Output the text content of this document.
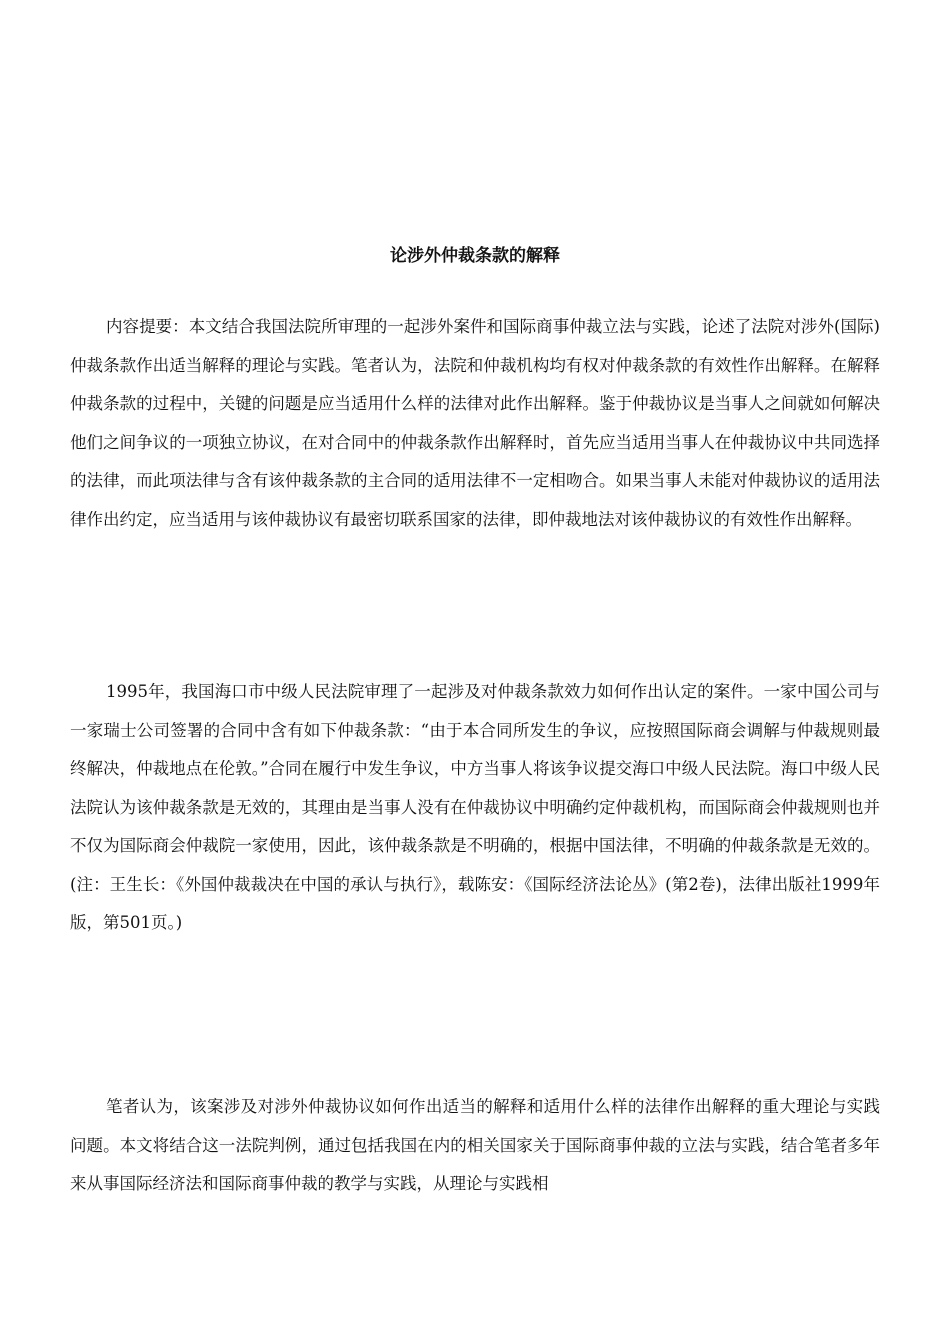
论涉外仲裁条款的解释

内容提要：本文结合我国法院所审理的一起涉外案件和国际商事仲裁立法与实践，论述了法院对涉外(国际)仲裁条款作出适当解释的理论与实践。笔者认为，法院和仲裁机构均有权对仲裁条款的有效性作出解释。在解释仲裁条款的过程中，关键的问题是应当适用什么样的法律对此作出解释。鉴于仲裁协议是当事人之间就如何解决他们之间争议的一项独立协议，在对合同中的仲裁条款作出解释时，首先应当适用当事人在仲裁协议中共同选择的法律，而此项法律与含有该仲裁条款的主合同的适用法律不一定相吻合。如果当事人未能对仲裁协议的适用法律作出约定，应当适用与该仲裁协议有最密切联系国家的法律，即仲裁地法对该仲裁协议的有效性作出解释。

1995年，我国海口市中级人民法院审理了一起涉及对仲裁条款效力如何作出认定的案件。一家中国公司与一家瑞士公司签署的合同中含有如下仲裁条款：“由于本合同所发生的争议，应按照国际商会调解与仲裁规则最终解决，仲裁地点在伦敦。”合同在履行中发生争议，中方当事人将该争议提交海口中级人民法院。海口中级人民法院认为该仲裁条款是无效的，其理由是当事人没有在仲裁协议中明确约定仲裁机构，而国际商会仲裁规则也并不仅为国际商会仲裁院一家使用，因此，该仲裁条款是不明确的，根据中国法律，不明确的仲裁条款是无效的。(注：王生长：《外国仲裁裁决在中国的承认与执行》，载陈安：《国际经济法论丛》(第2卷)，法律出版社1999年版，第501页。)

笔者认为，该案涉及对涉外仲裁协议如何作出适当的解释和适用什么样的法律作出解释的重大理论与实践问题。本文将结合这一法院判例，通过包括我国在内的相关国家关于国际商事仲裁的立法与实践，结合笔者多年来从事国际经济法和国际商事仲裁的教学与实践，从理论与实践相
